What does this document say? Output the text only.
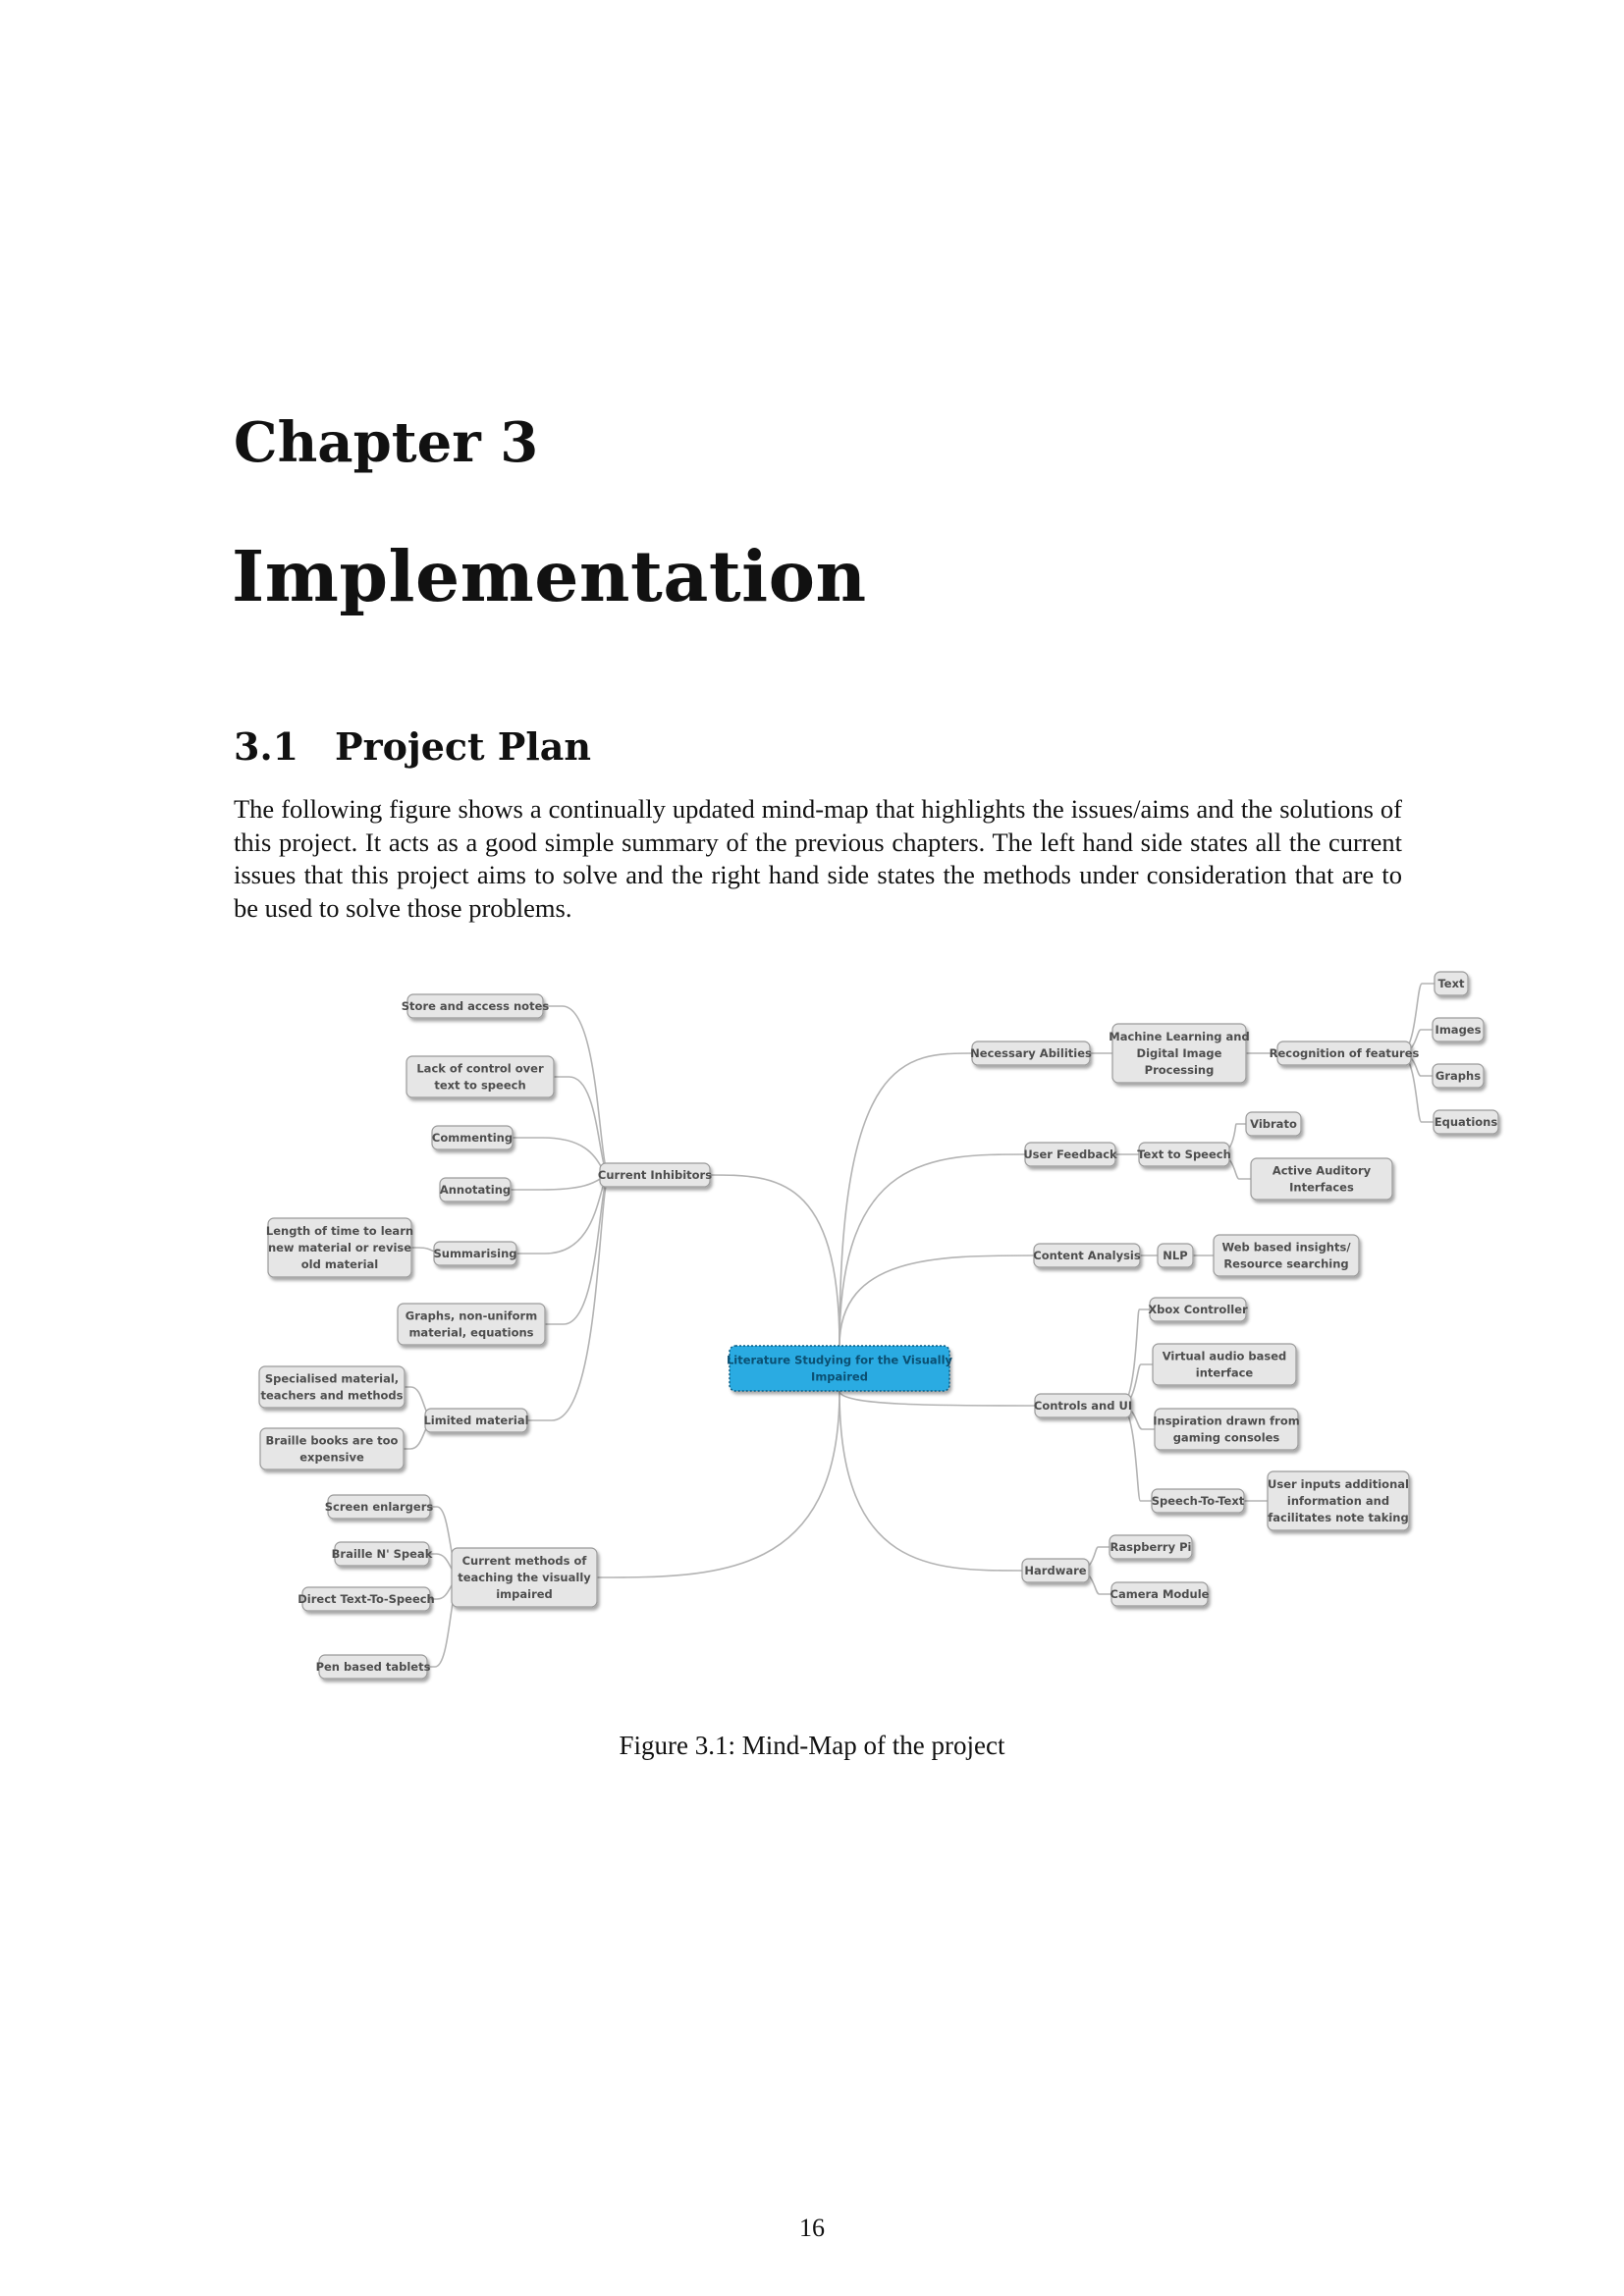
Chapter 3
Implementation
3.1 Project Plan

The following figure shows a continually updated mind-map that highlights the issues/aims and the solutions of this project. It acts as a good simple summary of the previous chapters. The left hand side states all the current issues that this project aims to solve and the right hand side states the methods under consideration that are to be used to solve those problems.

Current Inhibitors
Store and access notes
Lack of control over text to speech
Commenting
Annotating
Summarising
Length of time to learn new material or revise old material
Graphs, non-uniform material, equations
Limited material
Specialised material, teachers and methods
Braille books are too expensive
Current methods of teaching the visually impaired
Screen enlargers
Braille N' Speak
Direct Text-To-Speech
Pen based tablets
Necessary Abilities
Machine Learning and Digital Image Processing
Recognition of features
Text
Images
Graphs
Equations
User Feedback Text to Speech
Vibrato
Active Auditory Interfaces
Content Analysis NLP
Web based insights/ Resource searching
Controls and UI
Xbox Controller
Virtual audio based interface
Inspiration drawn from gaming consoles
Speech-To-Text
User inputs additional information and facilitates note taking
Hardware
Raspberry Pi
Camera Module
Literature Studying for the Visually Impaired

Figure 3.1: Mind-Map of the project

16
